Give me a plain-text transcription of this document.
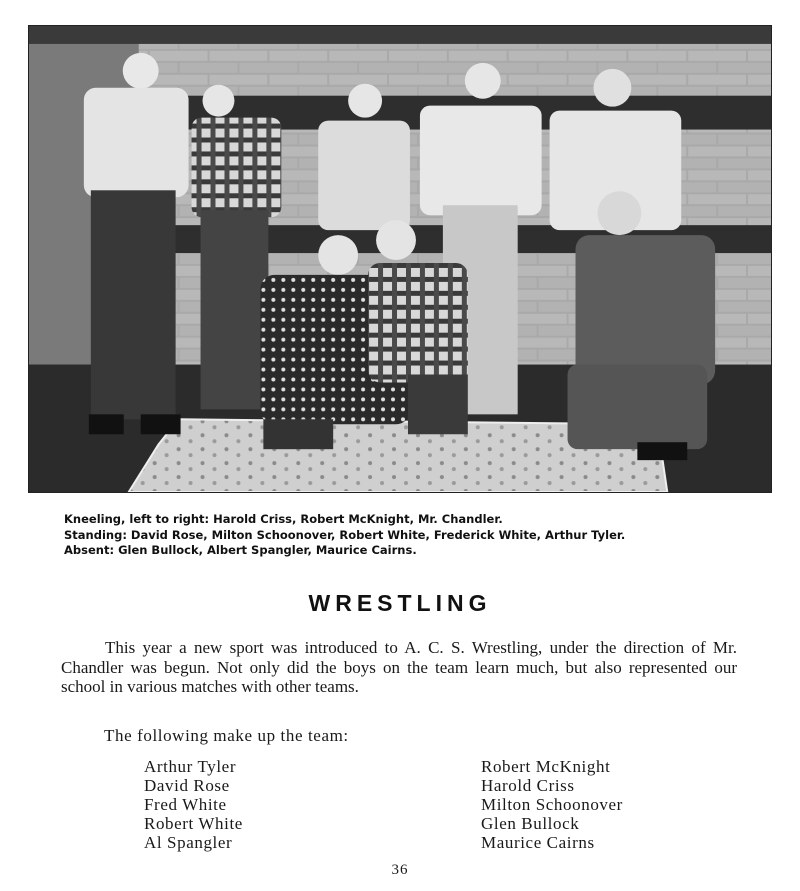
Kneeling, left to right: Harold Criss, Robert McKnight, Mr. Chandler.
Standing: David Rose, Milton Schoonover, Robert White, Frederick White, Arthur Tyler.
Absent: Glen Bullock, Albert Spangler, Maurice Cairns.
WRESTLING
This year a new sport was introduced to A. C. S. Wrestling, under the direction of Mr. Chandler was begun. Not only did the boys on the team learn much, but also represented our school in various matches with other teams.
The following make up the team:
Arthur Tyler
David Rose
Fred White
Robert White
Al Spangler
Robert McKnight
Harold Criss
Milton Schoonover
Glen Bullock
Maurice Cairns
36
